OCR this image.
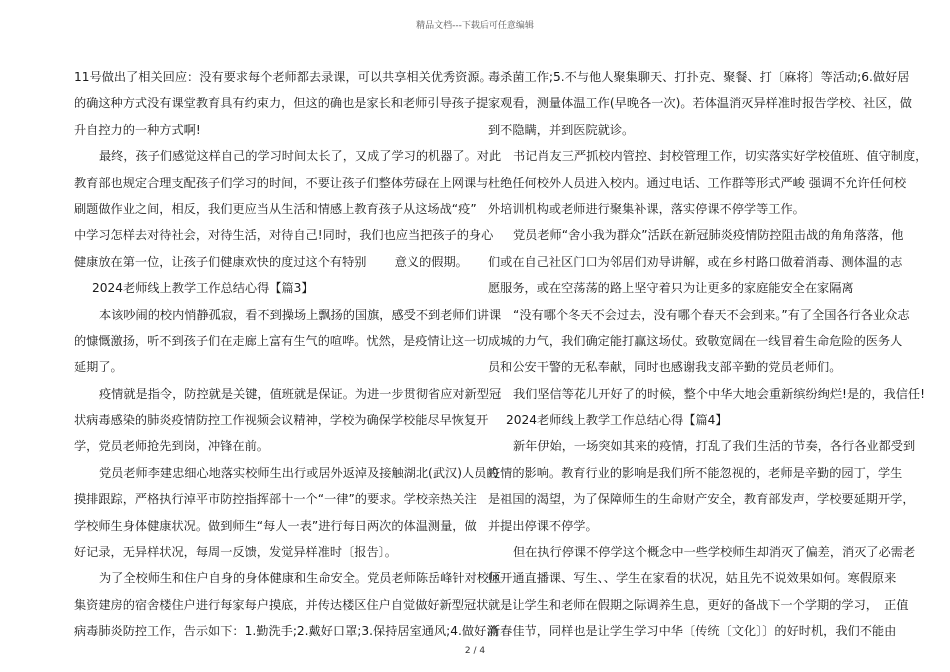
精品文档---下载后可任意编辑
11号做出了相关回应：没有要求每个老师都去录课，可以共享相关优秀资源。
的确这种方式没有课堂教育具有约束力，但这的确也是家长和老师引导孩子提
升自控力的一种方式啊!
最终，孩子们感觉这样自己的学习时间太长了，又成了学习的机器了。对此
教育部也规定合理支配孩子们学习的时间，不要让孩子们整体劳碌在上网课与
刷题做作业之间，相反，我们更应当从生活和情感上教育孩子从这场战“疫”
中学习怎样去对待社会，对待生活，对待自己!同时，我们也应当把孩子的身心
健康放在第一位，让孩子们健康欢快的度过这个有特别　　 意义的假期。
2024老师线上教学工作总结心得【篇3】
本该吵闹的校内悄静孤寂，看不到操场上飘扬的国旗，感受不到老师们讲课
的慷慨激扬，听不到孩子们在走廊上富有生气的喧哗。忧然，是疫情让这一切
延期了。
疫情就是指令，防控就是关键，值班就是保证。为进一步贯彻省应对新型冠
状病毒感染的肺炎疫情防控工作视频会议精神，学校为确保学校能尽早恢复开
学，党员老师抢先到岗，冲锋在前。
党员老师李建忠细心地落实校师生出行或居外返淖及接触湖北(武汉)人员的
摸排跟踪，严格执行淖平市防控指挥部十一个“一律”的要求。学校亲热关注
学校师生身体健康状况。做到师生“每人一表”进行每日两次的体温测量，做
好记录，无异样状况，每周一反馈，发觉异样准时〔报告〕。
为了全校师生和住户自身的身体健康和生命安全。党员老师陈岳峰针对校区
集资建房的宿舍楼住户进行每家每户摸底，并传达楼区住户自觉做好新型冠状
病毒肺炎防控工作，告示如下：1.勤洗手;2.戴好口罩;3.保持居室通风;4.做好消
毒杀菌工作;5.不与他人聚集聊天、打扑克、聚餐、打〔麻将〕等活动;6.做好居
家观看，测量体温工作(早晚各一次)。若体温消灭异样准时报告学校、社区，做
到不隐瞒，并到医院就诊。
书记肖友三严抓校内管控、封校管理工作，切实落实好学校值班、值守制度，
杜绝任何校外人员进入校内。通过电话、工作群等形式严峻 强调不允许任何校
外培训机构或老师进行聚集补课，落实停课不停学等工作。
党员老师“舍小我为群众”活跃在新冠肺炎疫情防控阻击战的角角落落，他
们或在自己社区门口为邻居们劝导讲解，或在乡村路口做着消毒、测体温的志
愿服务，或在空荡荡的路上坚守着只为让更多的家庭能安全在家隔离
“没有哪个冬天不会过去，没有哪个春天不会到来。”有了全国各行各业众志
成城的力气，我们确定能打赢这场仗。致敬宽阔在一线冒着生命危险的医务人
员和公安干警的无私奉献，同时也感谢我支部辛勤的党员老师们。
我们坚信等花儿开好了的时候，整个中华大地会重新缤纷绚烂!是的，我信任!
2024老师线上教学工作总结心得【篇4】
新年伊始，一场突如其来的疫情，打乱了我们生活的节奏，各行各业都受到
疫情的影响。教育行业的影响是我们所不能忽视的，老师是辛勤的园丁，学生
是祖国的渴望，为了保障师生的生命财产安全，教育部发声，学校要延期开学，
并提出停课不停学。
但在执行停课不停学这个概念中一些学校师生却消灭了偏差，消灭了必需老
师开通直播课、写生、、学生在家看的状况，姑且先不说效果如何。寒假原来
就是让学生和老师在假期之际调养生息，更好的备战下一个学期的学习，　正值
新春佳节，同样也是让学生学习中华〔传统〔文化〕〕的好时机，我们不能由
2 / 4
